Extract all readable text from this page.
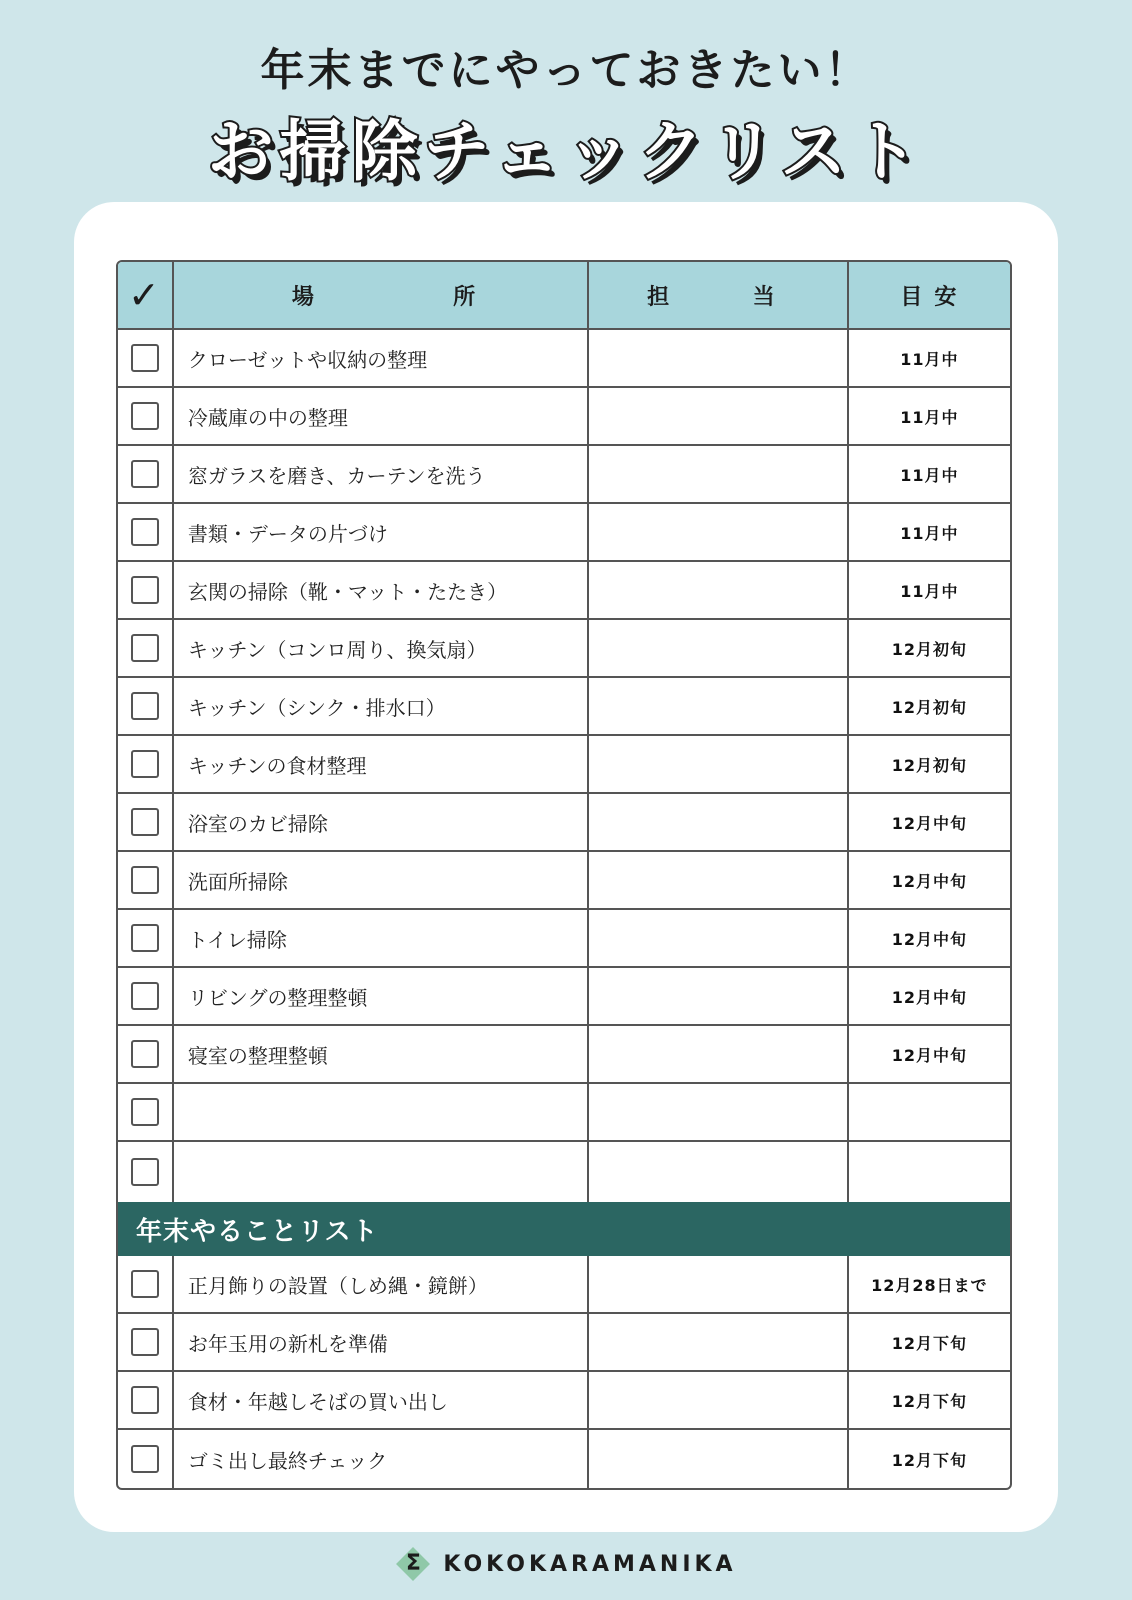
年末までにやっておきたい！
お掃除チェックリスト
✓	場 所	担 当	目 安
	クローゼットや収納の整理		11月中
	冷蔵庫の中の整理		11月中
	窓ガラスを磨き、カーテンを洗う		11月中
	書類・データの片づけ		11月中
	玄関の掃除（靴・マット・たたき）		11月中
	キッチン（コンロ周り、換気扇）		12月初旬
	キッチン（シンク・排水口）		12月初旬
	キッチンの食材整理		12月初旬
	浴室のカビ掃除		12月中旬
	洗面所掃除		12月中旬
	トイレ掃除		12月中旬
	リビングの整理整頓		12月中旬
	寝室の整理整頓		12月中旬

年末やることリスト			
	正月飾りの設置（しめ縄・鏡餅）		12月28日まで
	お年玉用の新札を準備		12月下旬
	食材・年越しそばの買い出し		12月下旬
	ゴミ出し最終チェック		12月下旬
Σ	KOKOKARAMANIKA
